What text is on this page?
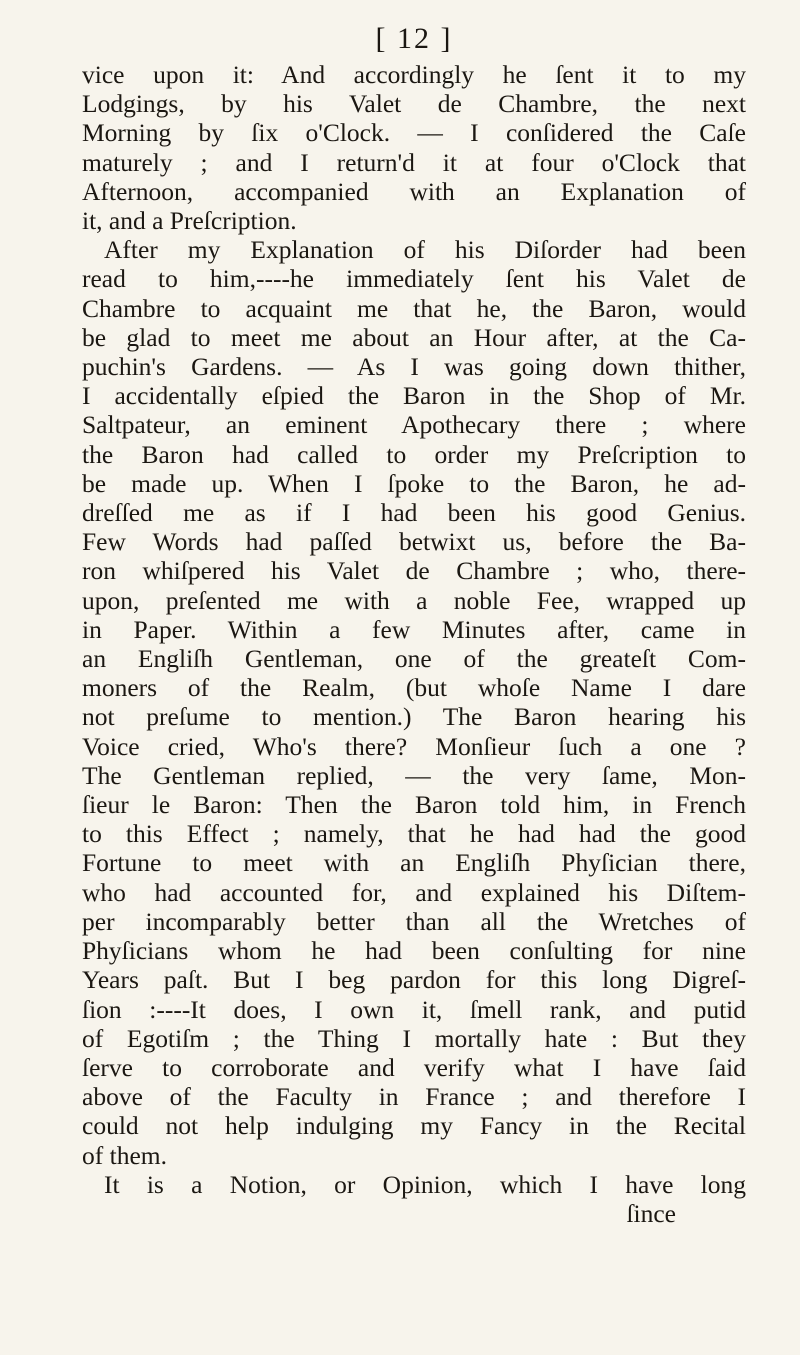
[ 12 ]
vice upon it: And accordingly he ſent it to my
Lodgings, by his Valet de Chambre, the next
Morning by ſix o'Clock. — I conſidered the Caſe
maturely ; and I return'd it at four o'Clock that
Afternoon, accompanied with an Explanation of
it, and a Preſcription.
After my Explanation of his Diſorder had been
read to him,----he immediately ſent his Valet de
Chambre to acquaint me that he, the Baron, would
be glad to meet me about an Hour after, at the Ca-
puchin's Gardens. — As I was going down thither,
I accidentally eſpied the Baron in the Shop of Mr.
Saltpateur, an eminent Apothecary there ; where
the Baron had called to order my Preſcription to
be made up. When I ſpoke to the Baron, he ad-
dreſſed me as if I had been his good Genius.
Few Words had paſſed betwixt us, before the Ba-
ron whiſpered his Valet de Chambre ; who, there-
upon, preſented me with a noble Fee, wrapped up
in Paper. Within a few Minutes after, came in
an Engliſh Gentleman, one of the greateſt Com-
moners of the Realm, (but whoſe Name I dare
not preſume to mention.) The Baron hearing his
Voice cried, Who's there? Monſieur ſuch a one ?
The Gentleman replied, — the very ſame, Mon-
ſieur le Baron: Then the Baron told him, in French
to this Effect ; namely, that he had had the good
Fortune to meet with an Engliſh Phyſician there,
who had accounted for, and explained his Diſtem-
per incomparably better than all the Wretches of
Phyſicians whom he had been conſulting for nine
Years paſt. But I beg pardon for this long Digreſ-
ſion :----It does, I own it, ſmell rank, and putid
of Egotiſm ; the Thing I mortally hate : But they
ſerve to corroborate and verify what I have ſaid
above of the Faculty in France ; and therefore I
could not help indulging my Fancy in the Recital
of them.
It is a Notion, or Opinion, which I have long
ſince
